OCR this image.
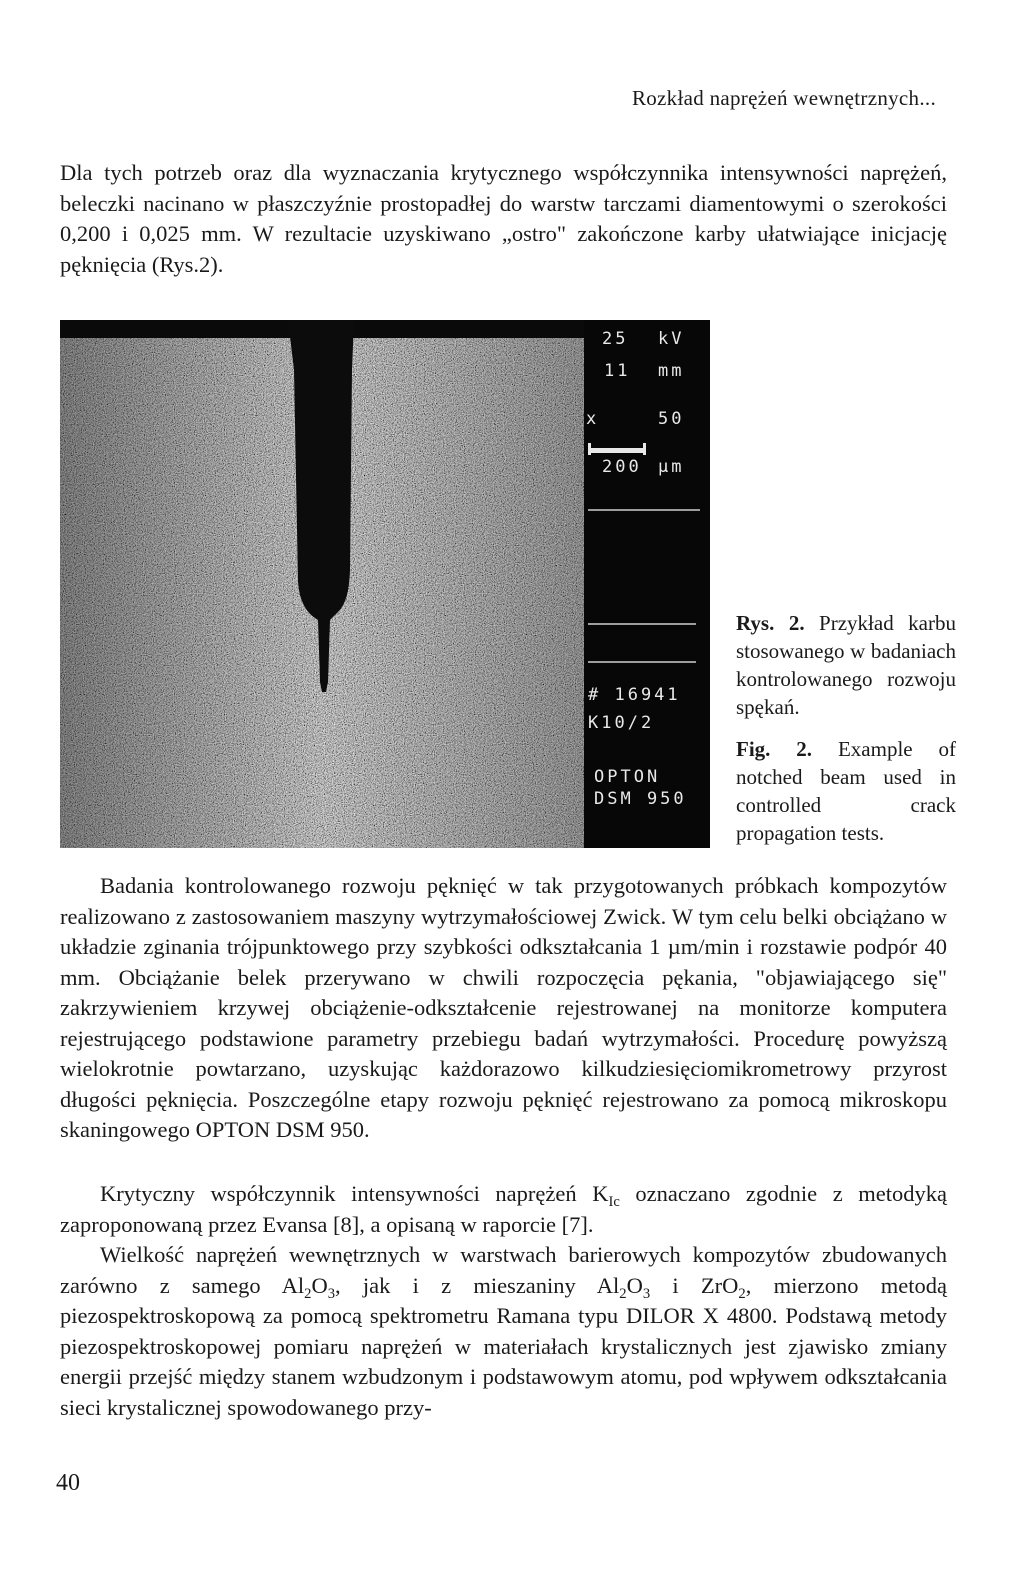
Rozkład naprężeń wewnętrznych...

Dla tych potrzeb oraz dla wyznaczania krytycznego współczynnika intensywności naprężeń, beleczki nacinano w płaszczyźnie prostopadłej do warstw tarczami diamentowymi o szerokości 0,200 i 0,025 mm. W rezultacie uzyskiwano „ostro" zakończone karby ułatwiające inicjację pęknięcia (Rys.2).

25 kV
11 mm
x	50
200 µm
# 16941
K10/2
OPTON
DSM 950
Rys. 2. Przykład karbu stosowanego w badaniach kontrolowanego rozwoju spękań.
Fig. 2. Example of notched beam used in controlled crack propagation tests.

Badania kontrolowanego rozwoju pęknięć w tak przygotowanych próbkach kompozytów realizowano z zastosowaniem maszyny wytrzymałościowej Zwick. W tym celu belki obciążano w układzie zginania trójpunktowego przy szybkości odkształcania 1 µm/min i rozstawie podpór 40 mm. Obciążanie belek przerywano w chwili rozpoczęcia pękania, "objawiającego się" zakrzywieniem krzywej obciążenie-odkształcenie rejestrowanej na monitorze komputera rejestrującego podstawione parametry przebiegu badań wytrzymałości. Procedurę powyższą wielokrotnie powtarzano, uzyskując każdorazowo kilkudziesięciomikrometrowy przyrost długości pęknięcia. Poszczególne etapy rozwoju pęknięć rejestrowano za pomocą mikroskopu skaningowego OPTON DSM 950.

Krytyczny współczynnik intensywności naprężeń $K_{Ic}$ oznaczano zgodnie z metodyką zaproponowaną przez Evansa [8], a opisaną w raporcie [7].

Wielkość naprężeń wewnętrznych w warstwach barierowych kompozytów zbudowanych zarówno z samego $Al_2O_3$, jak i z mieszaniny $Al_2O_3$ i ZrO$_2$, mierzono metodą piezospektroskopową za pomocą spektrometru Ramana typu DILOR X 4800. Podstawą metody piezospektroskopowej pomiaru naprężeń w materiałach krystalicznych jest zjawisko zmiany energii przejść między stanem wzbudzonym i podstawowym atomu, pod wpływem odkształcania sieci krystalicznej spowodowanego przy-

40
